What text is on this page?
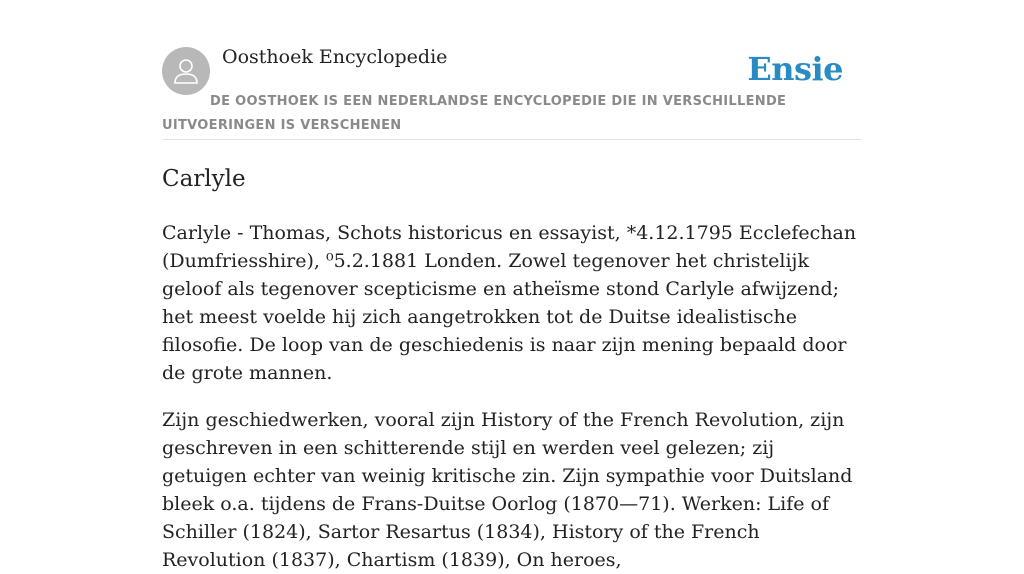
Oosthoek Encyclopedie	Ensie
DE OOSTHOEK IS EEN NEDERLANDSE ENCYCLOPEDIE DIE IN VERSCHILLENDE UITVOERINGEN IS VERSCHENEN
Carlyle

Carlyle - Thomas, Schots historicus en essayist, *4.12.1795 Ecclefechan (Dumfriesshire), ⁰5.2.1881 Londen. Zowel tegenover het christelijk geloof als tegenover scepticisme en atheïsme stond Carlyle afwijzend; het meest voelde hij zich aangetrokken tot de Duitse idealistische filosofie. De loop van de geschiedenis is naar zijn mening bepaald door de grote mannen.

Zijn geschiedwerken, vooral zijn History of the French Revolution, zijn geschreven in een schitterende stijl en werden veel gelezen; zij getuigen echter van weinig kritische zin. Zijn sympathie voor Duitsland bleek o.a. tijdens de Frans-Duitse Oorlog (1870—71). Werken: Life of Schiller (1824), Sartor Resartus (1834), History of the French Revolution (1837), Chartism (1839), On heroes,
